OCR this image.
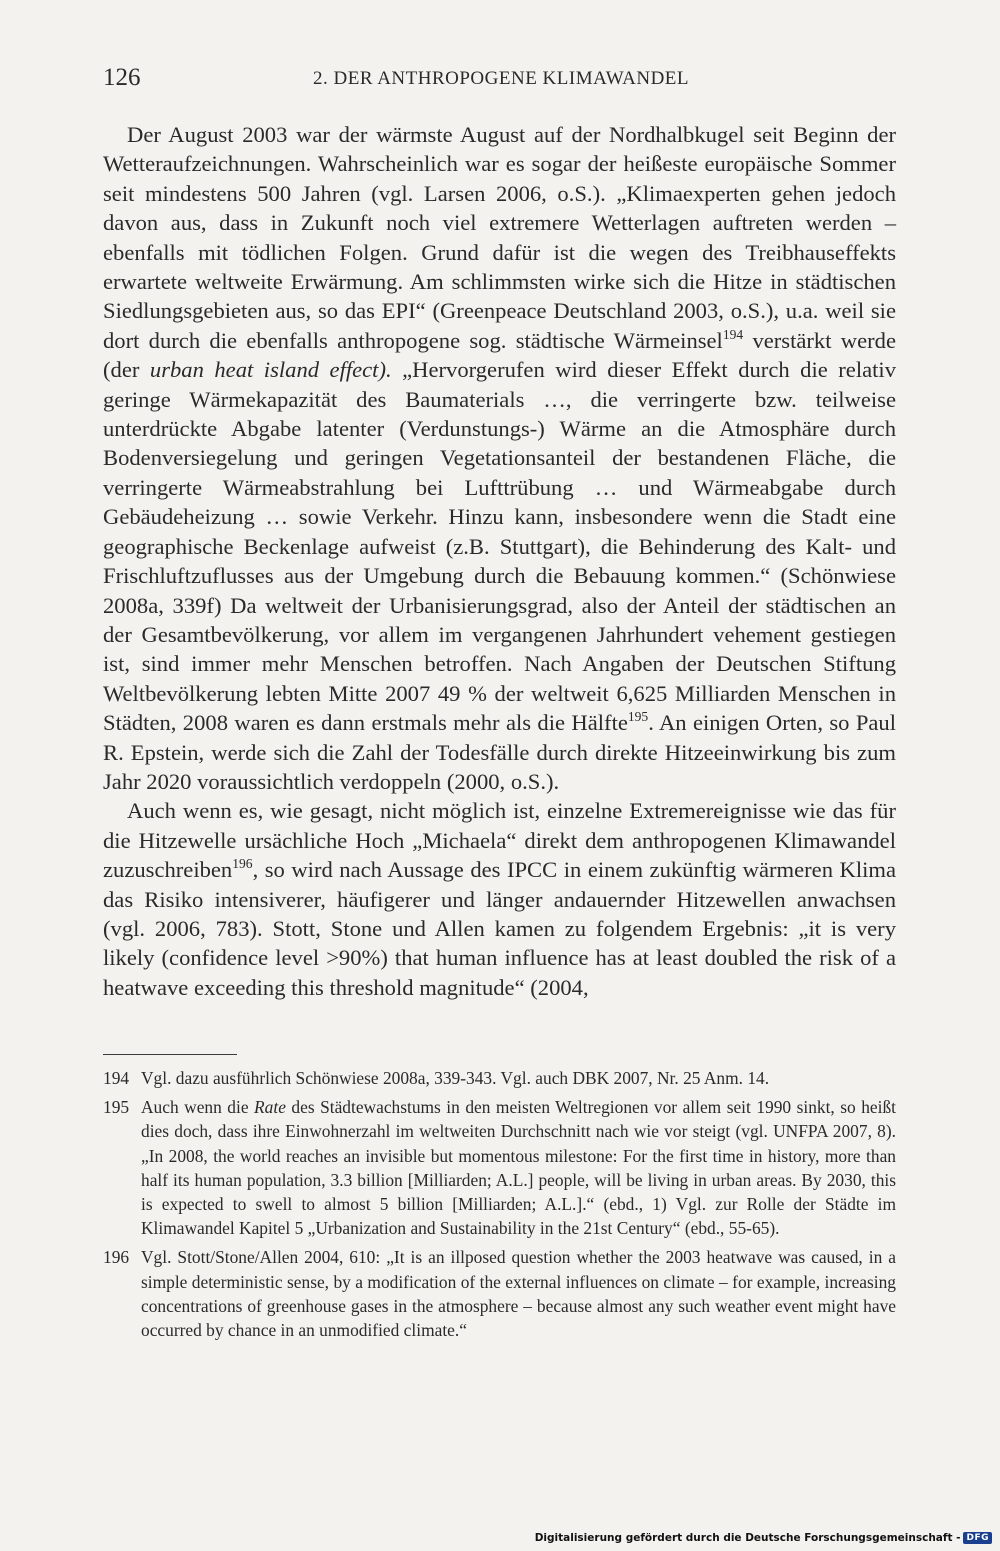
126	2. DER ANTHROPOGENE KLIMAWANDEL

Der August 2003 war der wärmste August auf der Nordhalbkugel seit Beginn der Wetteraufzeichnungen. Wahrscheinlich war es sogar der heißeste europäische Sommer seit mindestens 500 Jahren (vgl. Larsen 2006, o.S.). „Klimaexperten gehen jedoch davon aus, dass in Zukunft noch viel extremere Wetterlagen auftreten werden – ebenfalls mit tödlichen Folgen. Grund dafür ist die wegen des Treibhauseffekts erwartete weltweite Erwärmung. Am schlimmsten wirke sich die Hitze in städtischen Siedlungsgebieten aus, so das EPI“ (Greenpeace Deutschland 2003, o.S.), u.a. weil sie dort durch die ebenfalls anthropogene sog. städtische Wärmeinsel$^{194}$ verstärkt werde (der urban heat island effect). „Hervorgerufen wird dieser Effekt durch die relativ geringe Wärmekapazität des Baumaterials …, die verringerte bzw. teilweise unterdrückte Abgabe latenter (Verdunstungs-) Wärme an die Atmosphäre durch Bodenversiegelung und geringen Vegetationsanteil der bestandenen Fläche, die verringerte Wärmeabstrahlung bei Lufttrübung … und Wärmeabgabe durch Gebäudeheizung … sowie Verkehr. Hinzu kann, insbesondere wenn die Stadt eine geographische Beckenlage aufweist (z.B. Stuttgart), die Behinderung des Kalt- und Frischluftzuflusses aus der Umgebung durch die Bebauung kommen.“ (Schönwiese 2008a, 339f) Da weltweit der Urbanisierungsgrad, also der Anteil der städtischen an der Gesamtbevölkerung, vor allem im vergangenen Jahrhundert vehement gestiegen ist, sind immer mehr Menschen betroffen. Nach Angaben der Deutschen Stiftung Weltbevölkerung lebten Mitte 2007 49 % der weltweit 6,625 Milliarden Menschen in Städten, 2008 waren es dann erstmals mehr als die Hälfte$^{195}$. An einigen Orten, so Paul R. Epstein, werde sich die Zahl der Todesfälle durch direkte Hitzeeinwirkung bis zum Jahr 2020 voraussichtlich verdoppeln (2000, o.S.).

Auch wenn es, wie gesagt, nicht möglich ist, einzelne Extremereignisse wie das für die Hitzewelle ursächliche Hoch „Michaela“ direkt dem anthropogenen Klimawandel zuzuschreiben$^{196}$, so wird nach Aussage des IPCC in einem zukünftig wärmeren Klima das Risiko intensiverer, häufigerer und länger andauernder Hitzewellen anwachsen (vgl. 2006, 783). Stott, Stone und Allen kamen zu folgendem Ergebnis: „it is very likely (confidence level >90%) that human influence has at least doubled the risk of a heatwave exceeding this threshold magnitude“ (2004,

194 Vgl. dazu ausführlich Schönwiese 2008a, 339-343. Vgl. auch DBK 2007, Nr. 25 Anm. 14.
195 Auch wenn die Rate des Städtewachstums in den meisten Weltregionen vor allem seit 1990 sinkt, so heißt dies doch, dass ihre Einwohnerzahl im weltweiten Durchschnitt nach wie vor steigt (vgl. UNFPA 2007, 8). „In 2008, the world reaches an invisible but momentous milestone: For the first time in history, more than half its human population, 3.3 billion [Milliarden; A.L.] people, will be living in urban areas. By 2030, this is expected to swell to almost 5 billion [Milliarden; A.L.].“ (ebd., 1) Vgl. zur Rolle der Städte im Klimawandel Kapitel 5 „Urbanization and Sustainability in the 21st Century“ (ebd., 55-65).
196 Vgl. Stott/Stone/Allen 2004, 610: „It is an illposed question whether the 2003 heatwave was caused, in a simple deterministic sense, by a modification of the external influences on climate – for example, increasing concentrations of greenhouse gases in the atmosphere – because almost any such weather event might have occurred by chance in an unmodified climate.“
Digitalisierung gefördert durch die Deutsche Forschungsgemeinschaft - DFG
